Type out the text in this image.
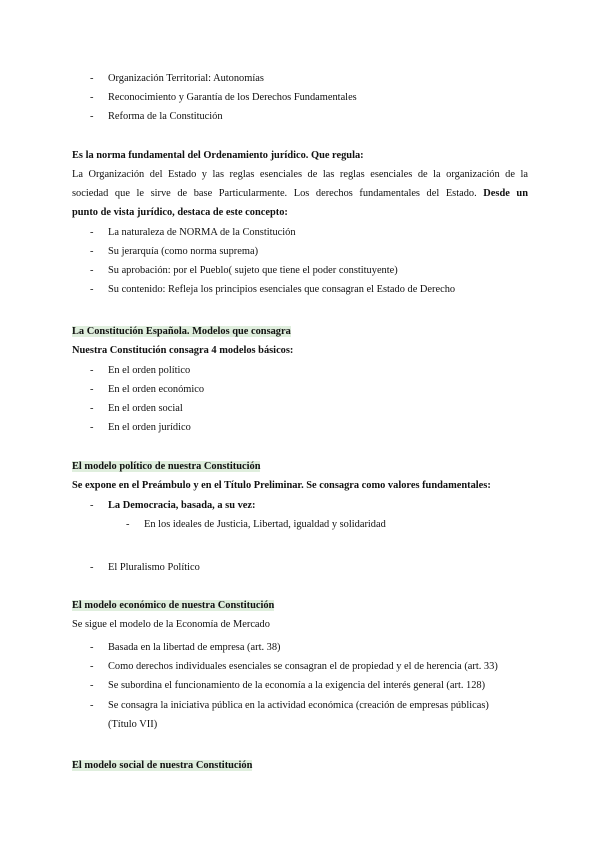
- Organización Territorial: Autonomías
- Reconocimiento y Garantía de los Derechos Fundamentales
- Reforma de la Constitución
Es la norma fundamental del Ordenamiento jurídico. Que regula:
La Organización del Estado y las reglas esenciales de las reglas esenciales de la organización de la
sociedad que le sirve de base Particularmente. Los derechos fundamentales del Estado. Desde un
punto de vista jurídico, destaca de este concepto:
- La naturaleza de NORMA de la Constitución
- Su jerarquía (como norma suprema)
- Su aprobación: por el Pueblo( sujeto que tiene el poder constituyente)
- Su contenido: Refleja los principios esenciales que consagran el Estado de Derecho
La Constitución Española. Modelos que consagra
Nuestra Constitución consagra 4 modelos básicos:
- En el orden político
- En el orden económico
- En el orden social
- En el orden jurídico
El modelo político de nuestra Constitución
Se expone en el Preámbulo y en el Título Preliminar. Se consagra como valores fundamentales:
- La Democracia, basada, a su vez:
- En los ideales de Justicia, Libertad, igualdad y solidaridad
- El Pluralismo Político
El modelo económico de nuestra Constitución
Se sigue el modelo de la Economía de Mercado
- Basada en la libertad de empresa (art. 38)
- Como derechos individuales esenciales se consagran el de propiedad y el de herencia (art. 33)
- Se subordina el funcionamiento de la economía a la exigencia del interés general (art. 128)
- Se consagra la iniciativa pública en la actividad económica (creación de empresas públicas)
(Título VII)
El modelo social de nuestra Constitución
